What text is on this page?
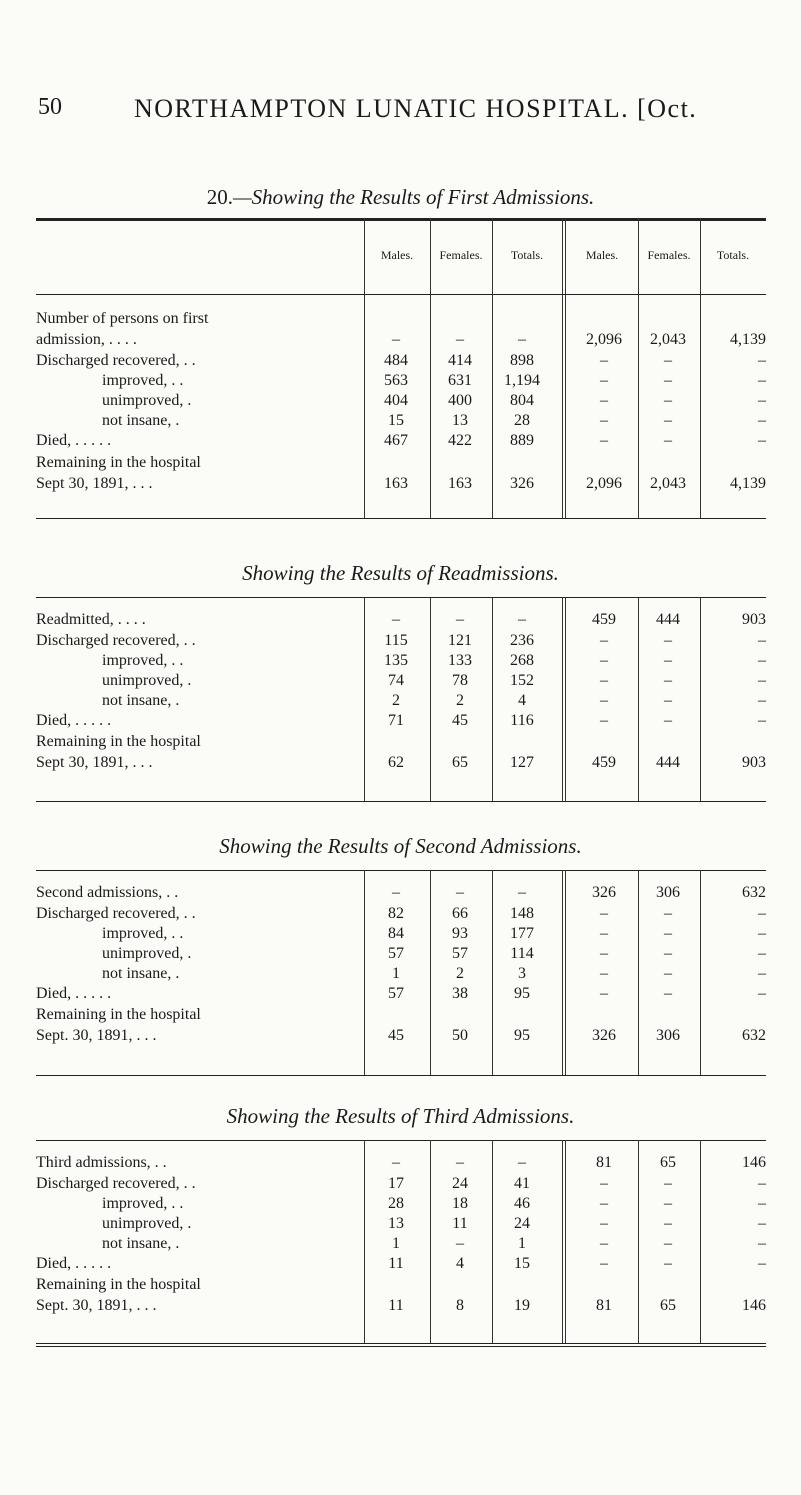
50	NORTHAMPTON LUNATIC HOSPITAL. [Oct.
20.—Showing the Results of First Admissions.
Males.	Females.	Totals.	Males.	Females.	Totals.
Number of persons on first
admission, . . . .	–	–	–	2,096	2,043	4,139
Discharged recovered, . .	484	414	898	–	–	–
improved, . .	563	631	1,194	–	–	–
unimproved, .	404	400	804	–	–	–
not insane, .	15	13	28	–	–	–
Died, . . . . .	467	422	889	–	–	–
Remaining in the hospital
Sept 30, 1891, . . .	163	163	326	2,096	2,043	4,139
Showing the Results of Readmissions.
Readmitted, . . . .	–	–	–	459	444	903
Discharged recovered, . .	115	121	236	–	–	–
improved, . .	135	133	268	–	–	–
unimproved, .	74	78	152	–	–	–
not insane, .	2	2	4	–	–	–
Died, . . . . .	71	45	116	–	–	–
Remaining in the hospital
Sept 30, 1891, . . .	62	65	127	459	444	903
Showing the Results of Second Admissions.
Second admissions, . .	–	–	–	326	306	632
Discharged recovered, . .	82	66	148	–	–	–
improved, . .	84	93	177	–	–	–
unimproved, .	57	57	114	–	–	–
not insane, .	1	2	3	–	–	–
Died, . . . . .	57	38	95	–	–	–
Remaining in the hospital
Sept. 30, 1891, . . .	45	50	95	326	306	632
Showing the Results of Third Admissions.
Third admissions, . .	–	–	–	81	65	146
Discharged recovered, . .	17	24	41	–	–	–
improved, . .	28	18	46	–	–	–
unimproved, .	13	11	24	–	–	–
not insane, .	1	–	1	–	–	–
Died, . . . . .	11	4	15	–	–	–
Remaining in the hospital
Sept. 30, 1891, . . .	11	8	19	81	65	146
